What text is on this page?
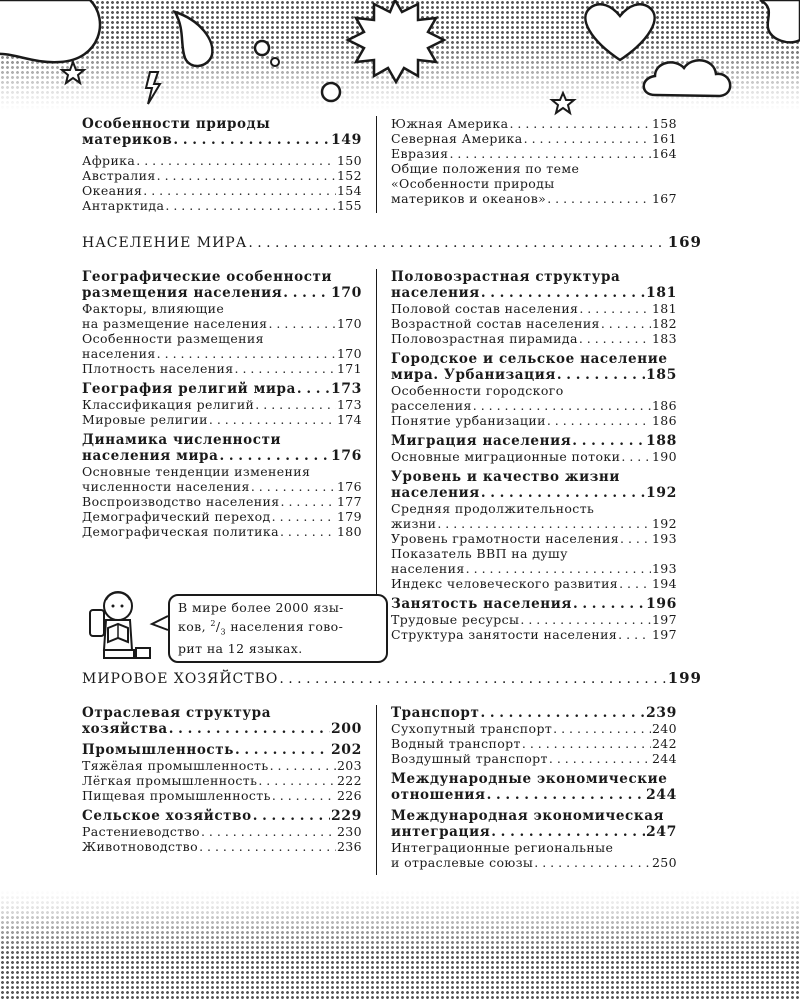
Особенности природы
материков . . .	149
Африка . . .	150
Австралия . . .	152
Океания . . .	154
Антарктида . . .	155
Южная Америка . . .	158
Северная Америка . . .	161
Евразия . . .	164
Общие положения по теме
«Особенности природы
материков и океанов» . . .	167
НАСЕЛЕНИЕ МИРА . . .	169
Географические особенности
размещения населения . . .	170
Факторы, влияющие
на размещение населения . . .	170
Особенности размещения
населения . . .	170
Плотность населения . . .	171
География религий мира . . .	173
Классификация религий . . .	173
Мировые религии . . .	174
Динамика численности
населения мира . . .	176
Основные тенденции изменения
численности населения . . .	176
Воспроизводство населения . . .	177
Демографический переход . . .	179
Демографическая политика . . .	180
Половозрастная структура
населения . . .	181
Половой состав населения . . .	181
Возрастной состав населения . . .	182
Половозрастная пирамида . . .	183
Городское и сельское население
мира. Урбанизация . . .	185
Особенности городского
расселения . . .	186
Понятие урбанизации . . .	186
Миграция населения . . .	188
Основные миграционные потоки . . .	190
Уровень и качество жизни
населения . . .	192
Средняя продолжительность
жизни . . .	192
Уровень грамотности населения . . .	193
Показатель ВВП на душу
населения . . .	193
Индекс человеческого развития . . .	194
Занятость населения . . .	196
Трудовые ресурсы . . .	197
Структура занятости населения . . .	197
МИРОВОЕ ХОЗЯЙСТВО . . .	199
Отраслевая структура
хозяйства . . .	200
Промышленность . . .	202
Тяжёлая промышленность . . .	203
Лёгкая промышленность . . .	222
Пищевая промышленность . . .	226
Сельское хозяйство . . .	229
Растениеводство . . .	230
Животноводство . . .	236
Транспорт . . .	239
Сухопутный транспорт . . .	240
Водный транспорт . . .	242
Воздушный транспорт . . .	244
Международные экономические
отношения . . .	244
Международная экономическая
интеграция . . .	247
Интеграционные региональные
и отраслевые союзы . . .	250
В мире более 2000 язы-
ков, $^2/_3$ населения гово-
рит на 12 языках.
